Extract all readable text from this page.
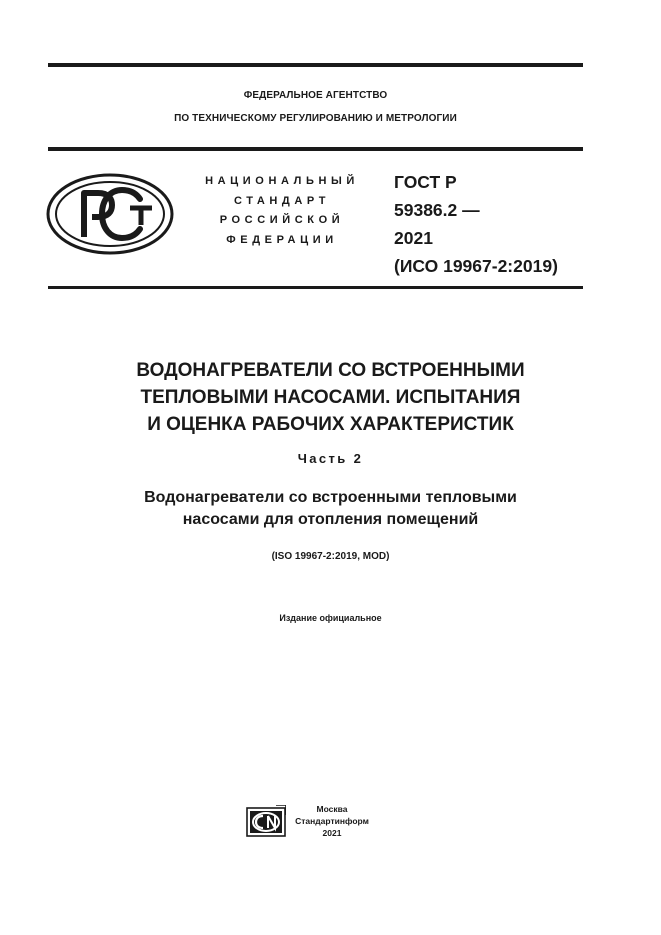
ФЕДЕРАЛЬНОЕ АГЕНТСТВО
ПО ТЕХНИЧЕСКОМУ РЕГУЛИРОВАНИЮ И МЕТРОЛОГИИ
НАЦИОНАЛЬНЫЙ
СТАНДАРТ
РОССИЙСКОЙ
ФЕДЕРАЦИИ
ГОСТ Р
59386.2 —
2021
(ИСО 19967-2:2019)
ВОДОНАГРЕВАТЕЛИ СО ВСТРОЕННЫМИ
ТЕПЛОВЫМИ НАСОСАМИ. ИСПЫТАНИЯ
И ОЦЕНКА РАБОЧИХ ХАРАКТЕРИСТИК
Часть 2
Водонагреватели со встроенными тепловыми
насосами для отопления помещений
(ISO 19967-2:2019, MOD)
Издание официальное
Москва
Стандартинформ
2021
